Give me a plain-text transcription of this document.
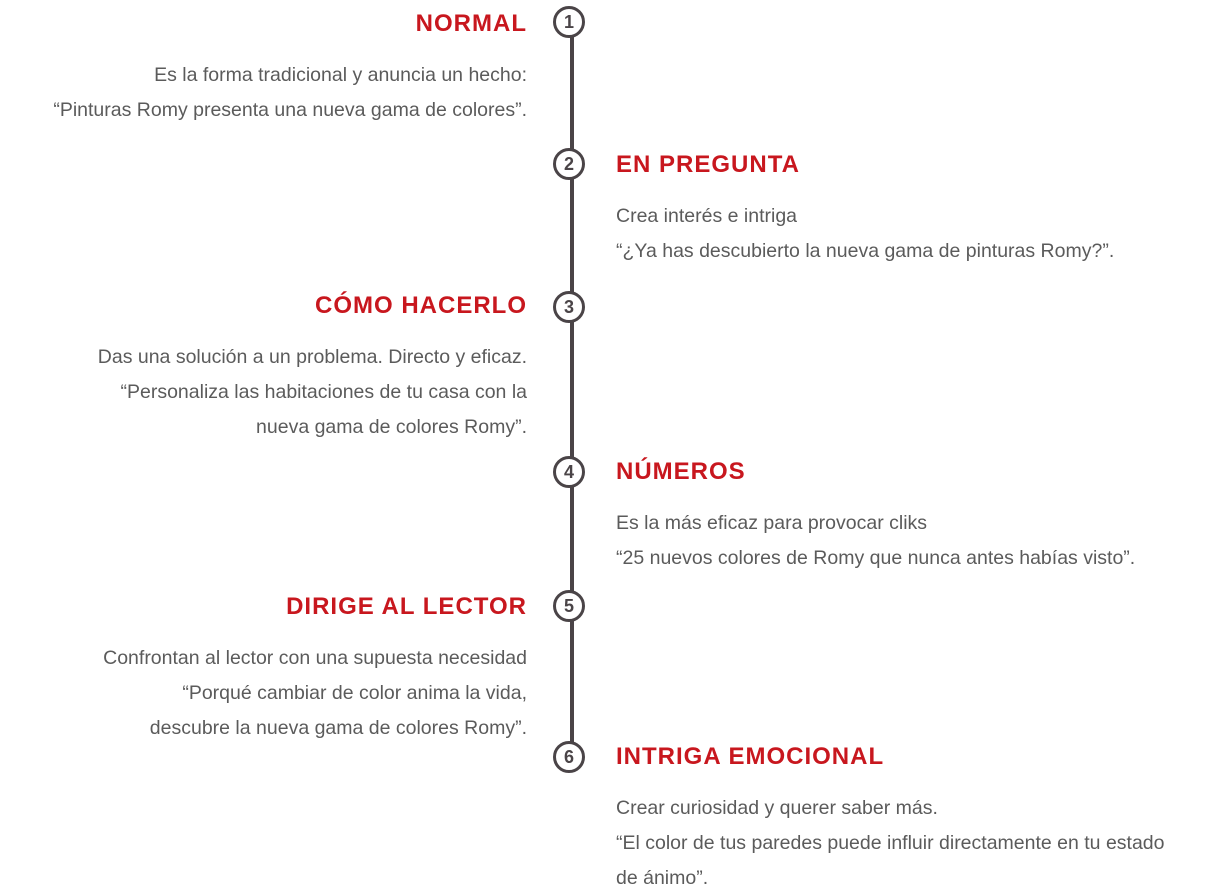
1

NORMAL

Es la forma tradicional y anuncia un hecho:
“Pinturas Romy presenta una nueva gama de colores”.

2	EN PREGUNTA

Crea interés e intriga
“¿Ya has descubierto la nueva gama de pinturas Romy?”.

3

CÓMO HACERLO

Das una solución a un problema. Directo y eficaz.
“Personaliza las habitaciones de tu casa con la
nueva gama de colores Romy”.

4	NÚMEROS

Es la más eficaz para provocar cliks
“25 nuevos colores de Romy que nunca antes habías visto”.

5

DIRIGE AL LECTOR

Confrontan al lector con una supuesta necesidad
“Porqué cambiar de color anima la vida,
descubre la nueva gama de colores Romy”.

6	INTRIGA EMOCIONAL

Crear curiosidad y querer saber más.
“El color de tus paredes puede influir directamente en tu estado
de ánimo”.
